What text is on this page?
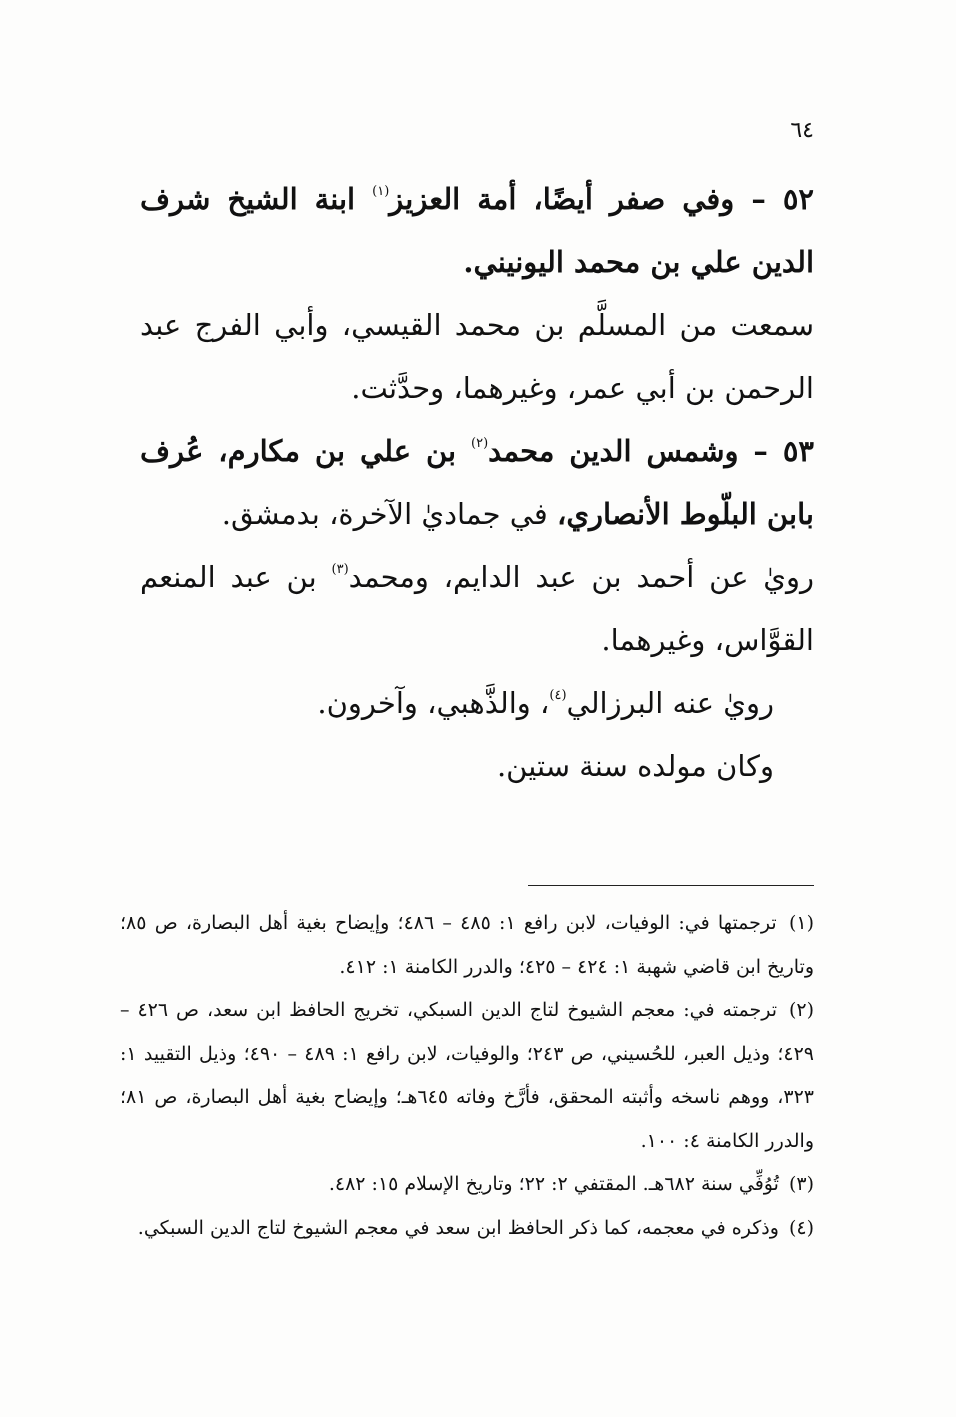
٦٤

٥٢ – وفي صفر أيضًا، أمة العزيز$^{(١)}$ ابنة الشيخ شرف الدين علي بن محمد اليونيني.

سمعت من المسلَّم بن محمد القيسي، وأبي الفرج عبد الرحمن بن أبي عمر، وغيرهما، وحدَّثت.

٥٣ – وشمس الدين محمد$^{(٢)}$ بن علي بن مكارم، عُرف بابن البلّوط الأنصاري، في جماديٰ الآخرة، بدمشق.

رويٰ عن أحمد بن عبد الدايم، ومحمد$^{(٣)}$ بن عبد المنعم القوَّاس، وغيرهما.

رويٰ عنه البرزالي$^{(٤)}$، والذَّهبي، وآخرون.

وكان مولده سنة ستين.

(١) ترجمتها في: الوفيات، لابن رافع ١: ٤٨٥ – ٤٨٦؛ وإيضاح بغية أهل البصارة، ص ٨٥؛ وتاريخ ابن قاضي شهبة ١: ٤٢٤ – ٤٢٥؛ والدرر الكامنة ١: ٤١٢.

(٢) ترجمته في: معجم الشيوخ لتاج الدين السبكي، تخريج الحافظ ابن سعد، ص ٤٢٦ – ٤٢٩؛ وذيل العبر، للحُسيني، ص ٢٤٣؛ والوفيات، لابن رافع ١: ٤٨٩ – ٤٩٠؛ وذيل التقييد ١: ٣٢٣، ووهم ناسخه وأثبته المحقق، فأرَّخ وفاته ٦٤٥هـ؛ وإيضاح بغية أهل البصارة، ص ٨١؛ والدرر الكامنة ٤: ١٠٠.

(٣) تُوُفِّي سنة ٦٨٢هـ. المقتفي ٢: ٢٢؛ وتاريخ الإسلام ١٥: ٤٨٢.

(٤) وذكره في معجمه، كما ذكر الحافظ ابن سعد في معجم الشيوخ لتاج الدين السبكي.
